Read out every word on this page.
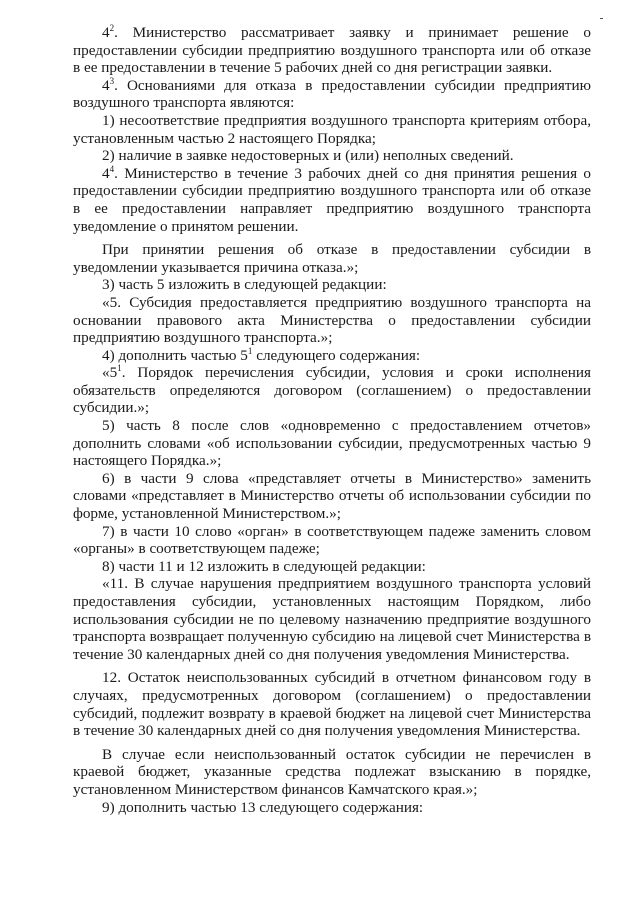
$4^2$. Министерство рассматривает заявку и принимает решение о предоставлении субсидии предприятию воздушного транспорта или об отказе в ее предоставлении в течение 5 рабочих дней со дня регистрации заявки.

$4^3$. Основаниями для отказа в предоставлении субсидии предприятию воздушного транспорта являются:

1) несоответствие предприятия воздушного транспорта критериям отбора, установленным частью 2 настоящего Порядка;

2) наличие в заявке недостоверных и (или) неполных сведений.

$4^4$. Министерство в течение 3 рабочих дней со дня принятия решения о предоставлении субсидии предприятию воздушного транспорта или об отказе в ее предоставлении направляет предприятию воздушного транспорта уведомление о принятом решении.

При принятии решения об отказе в предоставлении субсидии в уведомлении указывается причина отказа.»;

3) часть 5 изложить в следующей редакции:

«5. Субсидия предоставляется предприятию воздушного транспорта на основании правового акта Министерства о предоставлении субсидии предприятию воздушного транспорта.»;

4) дополнить частью $5^1$ следующего содержания:

«$5^1$. Порядок перечисления субсидии, условия и сроки исполнения обязательств определяются договором (соглашением) о предоставлении субсидии.»;

5) часть 8 после слов «одновременно с предоставлением отчетов» дополнить словами «об использовании субсидии, предусмотренных частью 9 настоящего Порядка.»;

6) в части 9 слова «представляет отчеты в Министерство» заменить словами «представляет в Министерство отчеты об использовании субсидии по форме, установленной Министерством.»;

7) в части 10 слово «орган» в соответствующем падеже заменить словом «органы» в соответствующем падеже;

8) части 11 и 12 изложить в следующей редакции:

«11. В случае нарушения предприятием воздушного транспорта условий предоставления субсидии, установленных настоящим Порядком, либо использования субсидии не по целевому назначению предприятие воздушного транспорта возвращает полученную субсидию на лицевой счет Министерства в течение 30 календарных дней со дня получения уведомления Министерства.

12. Остаток неиспользованных субсидий в отчетном финансовом году в случаях, предусмотренных договором (соглашением) о предоставлении субсидий, подлежит возврату в краевой бюджет на лицевой счет Министерства в течение 30 календарных дней со дня получения уведомления Министерства.

В случае если неиспользованный остаток субсидии не перечислен в краевой бюджет, указанные средства подлежат взысканию в порядке, установленном Министерством финансов Камчатского края.»;

9) дополнить частью 13 следующего содержания:
